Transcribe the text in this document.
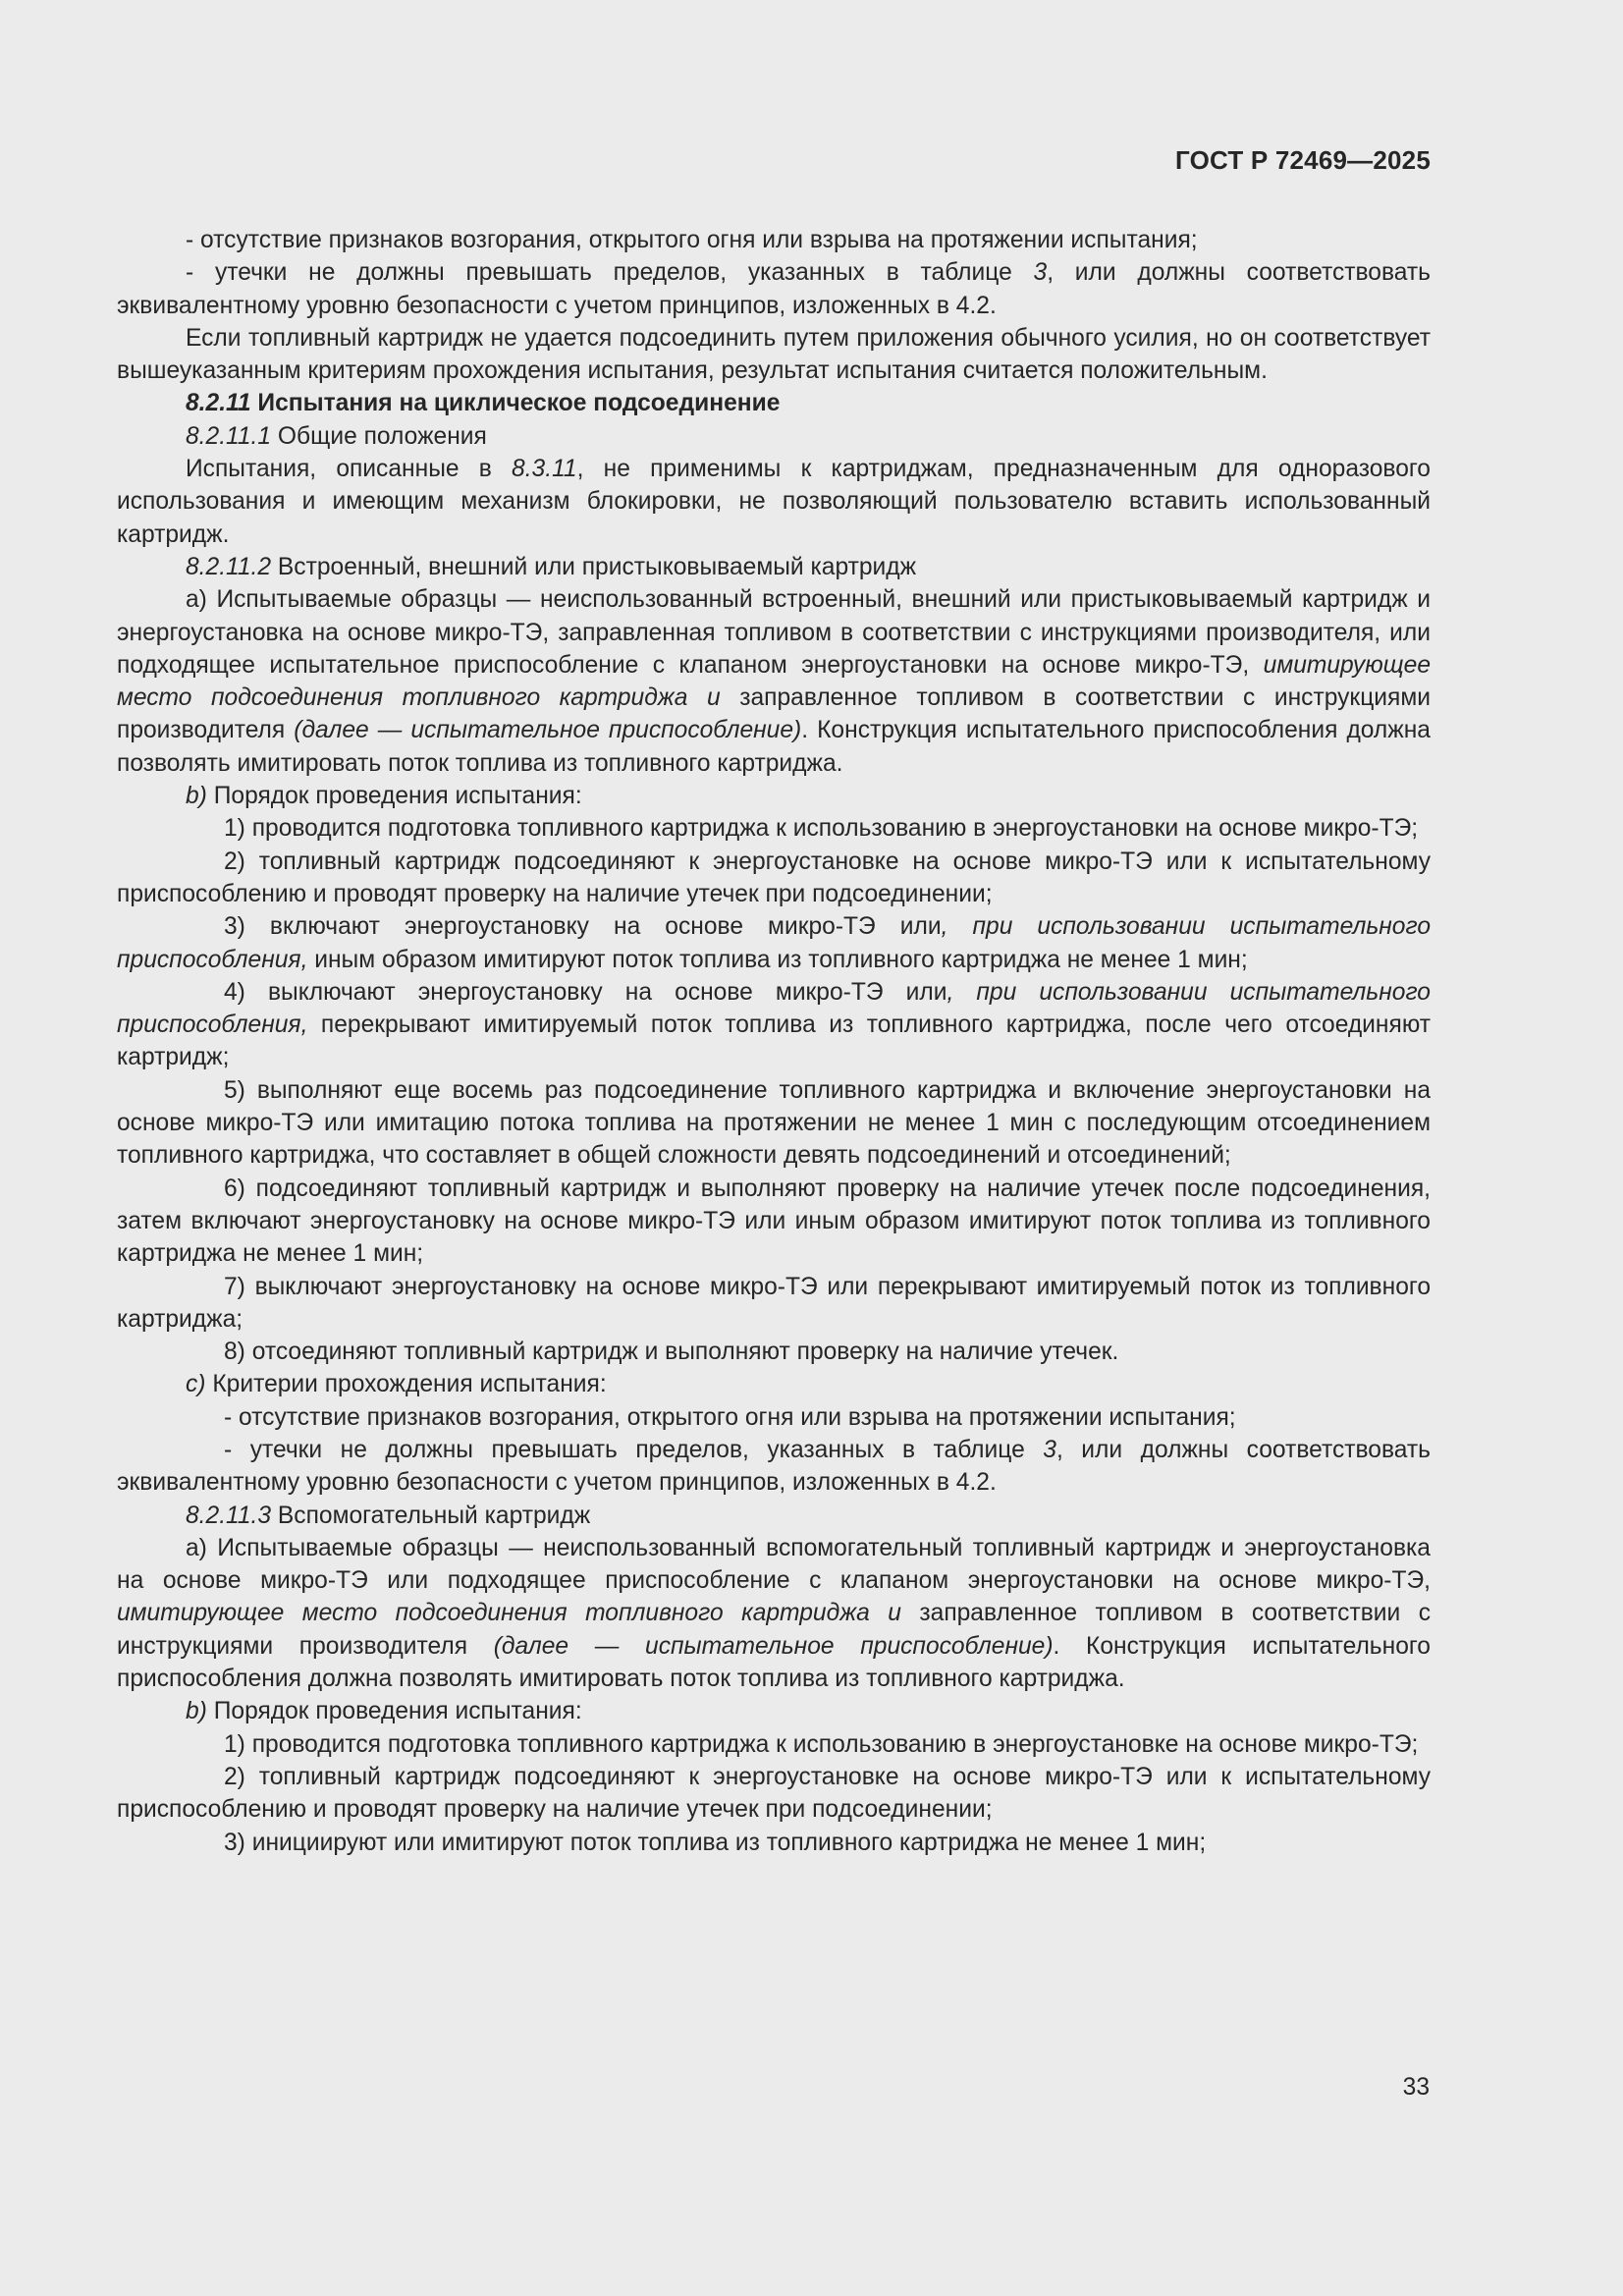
ГОСТ Р 72469—2025

- отсутствие признаков возгорания, открытого огня или взрыва на протяжении испытания;

- утечки не должны превышать пределов, указанных в таблице 3, или должны соответствовать эквивалентному уровню безопасности с учетом принципов, изложенных в 4.2.

Если топливный картридж не удается подсоединить путем приложения обычного усилия, но он соответствует вышеуказанным критериям прохождения испытания, результат испытания считается положительным.

8.2.11 Испытания на циклическое подсоединение

8.2.11.1 Общие положения

Испытания, описанные в 8.3.11, не применимы к картриджам, предназначенным для одноразового использования и имеющим механизм блокировки, не позволяющий пользователю вставить использованный картридж.

8.2.11.2 Встроенный, внешний или пристыковываемый картридж

a) Испытываемые образцы — неиспользованный встроенный, внешний или пристыковываемый картридж и энергоустановка на основе микро-ТЭ, заправленная топливом в соответствии с инструкциями производителя, или подходящее испытательное приспособление с клапаном энергоустановки на основе микро-ТЭ, имитирующее место подсоединения топливного картриджа и заправленное топливом в соответствии с инструкциями производителя (далее — испытательное приспособление). Конструкция испытательного приспособления должна позволять имитировать поток топлива из топливного картриджа.

b) Порядок проведения испытания:

1) проводится подготовка топливного картриджа к использованию в энергоустановки на основе микро-ТЭ;

2) топливный картридж подсоединяют к энергоустановке на основе микро-ТЭ или к испытательному приспособлению и проводят проверку на наличие утечек при подсоединении;

3) включают энергоустановку на основе микро-ТЭ или, при использовании испытательного приспособления, иным образом имитируют поток топлива из топливного картриджа не менее 1 мин;

4) выключают энергоустановку на основе микро-ТЭ или, при использовании испытательного приспособления, перекрывают имитируемый поток топлива из топливного картриджа, после чего отсоединяют картридж;

5) выполняют еще восемь раз подсоединение топливного картриджа и включение энергоустановки на основе микро-ТЭ или имитацию потока топлива на протяжении не менее 1 мин с последующим отсоединением топливного картриджа, что составляет в общей сложности девять подсоединений и отсоединений;

6) подсоединяют топливный картридж и выполняют проверку на наличие утечек после подсоединения, затем включают энергоустановку на основе микро-ТЭ или иным образом имитируют поток топлива из топливного картриджа не менее 1 мин;

7) выключают энергоустановку на основе микро-ТЭ или перекрывают имитируемый поток из топливного картриджа;

8) отсоединяют топливный картридж и выполняют проверку на наличие утечек.

c) Критерии прохождения испытания:

- отсутствие признаков возгорания, открытого огня или взрыва на протяжении испытания;

- утечки не должны превышать пределов, указанных в таблице 3, или должны соответствовать эквивалентному уровню безопасности с учетом принципов, изложенных в 4.2.

8.2.11.3 Вспомогательный картридж

a) Испытываемые образцы — неиспользованный вспомогательный топливный картридж и энергоустановка на основе микро-ТЭ или подходящее приспособление с клапаном энергоустановки на основе микро-ТЭ, имитирующее место подсоединения топливного картриджа и заправленное топливом в соответствии с инструкциями производителя (далее — испытательное приспособление). Конструкция испытательного приспособления должна позволять имитировать поток топлива из топливного картриджа.

b) Порядок проведения испытания:

1) проводится подготовка топливного картриджа к использованию в энергоустановке на основе микро-ТЭ;

2) топливный картридж подсоединяют к энергоустановке на основе микро-ТЭ или к испытательному приспособлению и проводят проверку на наличие утечек при подсоединении;

3) инициируют или имитируют поток топлива из топливного картриджа не менее 1 мин;

33
